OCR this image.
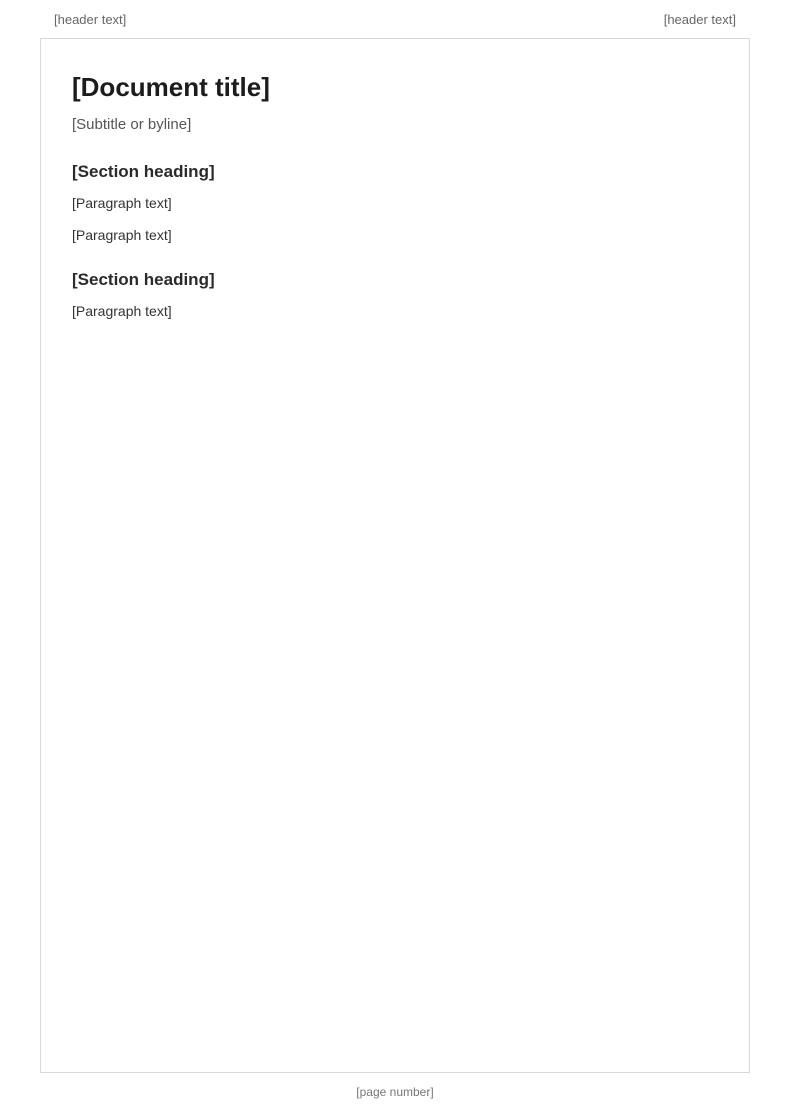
[header text]	[header text]
[Document title]
[Subtitle or byline]
[Section heading]

[Paragraph text]

[Paragraph text]

[Section heading]

[Paragraph text]

[page number]
